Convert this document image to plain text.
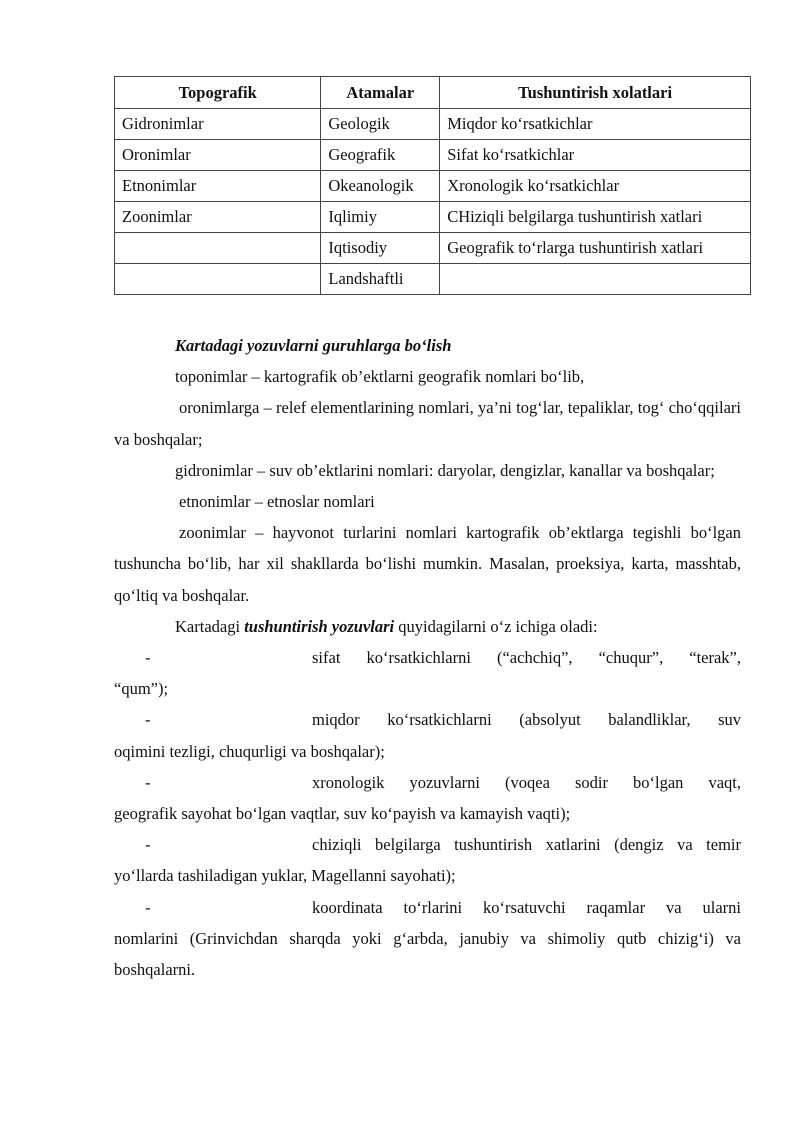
Topografik	Atamalar	Tushuntirish xolatlari
Gidronimlar	Geologik	Miqdor ko‘rsatkichlar
Oronimlar	Geografik	Sifat ko‘rsatkichlar
Etnonimlar	Okeanologik	Xronologik ko‘rsatkichlar
Zoonimlar	Iqlimiy	CHiziqli belgilarga tushuntirish xatlari
	Iqtisodiy	Geografik to‘rlarga tushuntirish xatlari
	Landshaftli	

Kartadagi yozuvlarni guruhlarga bo‘lish

toponimlar – kartografik ob’ektlarni geografik nomlari bo‘lib,

oronimlarga – relef elementlarining nomlari, ya’ni tog‘lar, tepaliklar, tog‘ cho‘qqilari va boshqalar;

gidronimlar – suv ob’ektlarini nomlari: daryolar, dengizlar, kanallar va boshqalar;

etnonimlar – etnoslar nomlari

zoonimlar – hayvonot turlarini nomlari kartografik ob’ektlarga tegishli bo‘lgan tushuncha bo‘lib, har xil shakllarda bo‘lishi mumkin. Masalan, proeksiya, karta, masshtab, qo‘ltiq va boshqalar.

Kartadagi tushuntirish yozuvlari quyidagilarni o‘z ichiga oladi:

-	sifat ko‘rsatkichlarni (“achchiq”, “chuqur”, “terak”,
“qum”);
-	miqdor ko‘rsatkichlarni (absolyut balandliklar, suv
oqimini tezligi, chuqurligi va boshqalar);
-	xronologik yozuvlarni (voqea sodir bo‘lgan vaqt,
geografik sayohat bo‘lgan vaqtlar, suv ko‘payish va kamayish vaqti);
-	chiziqli belgilarga tushuntirish xatlarini (dengiz va temir
yo‘llarda tashiladigan yuklar, Magellanni sayohati);
-	koordinata to‘rlarini ko‘rsatuvchi raqamlar va ularni
nomlarini (Grinvichdan sharqda yoki g‘arbda, janubiy va shimoliy qutb chizig‘i) va boshqalarni.
